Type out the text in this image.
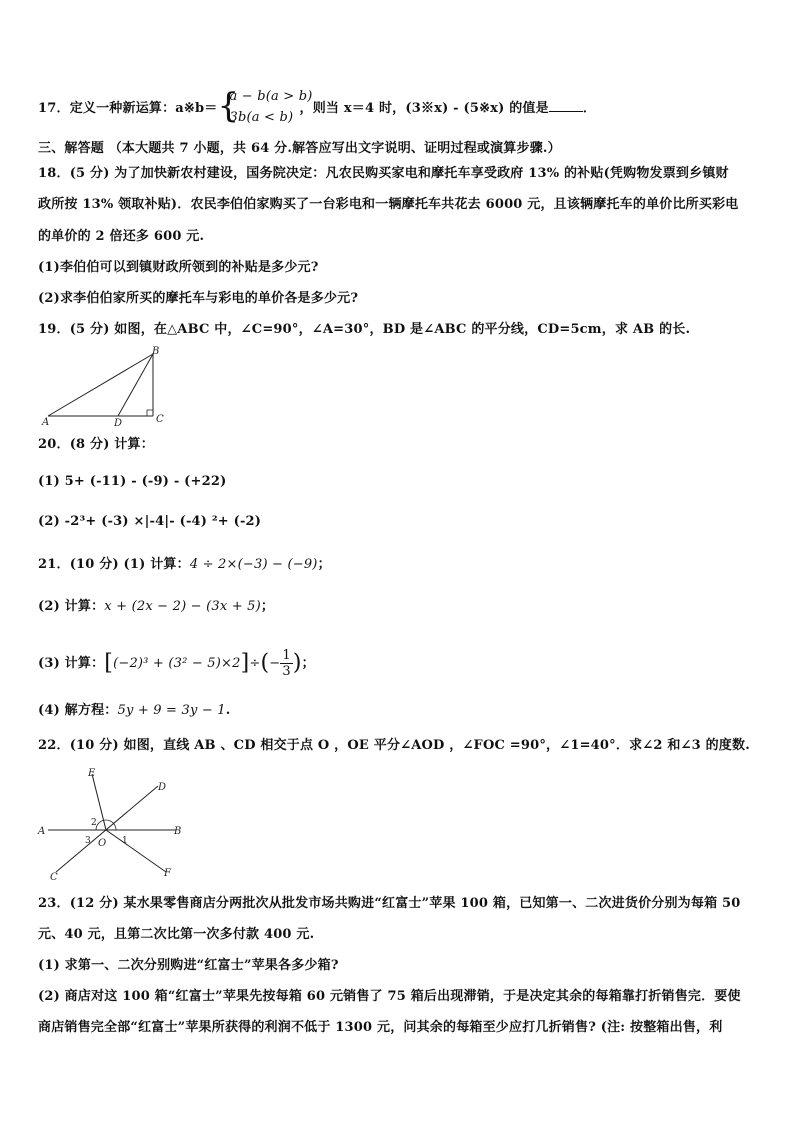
17．定义一种新运算：a※b＝ {
a − b(a > b)
3b(a < b)
，则当 x＝4 时，(3※x) - (5※x) 的值是	．
三、解答题 （本大题共 7 小题，共 64 分.解答应写出文字说明、证明过程或演算步骤.）
18．(5 分) 为了加快新农村建设，国务院决定：凡农民购买家电和摩托车享受政府 13% 的补贴(凭购物发票到乡镇财
政所按 13% 领取补贴)．农民李伯伯家购买了一台彩电和一辆摩托车共花去 6000 元，且该辆摩托车的单价比所买彩电
的单价的 2 倍还多 600 元.
(1)李伯伯可以到镇财政所领到的补贴是多少元?
(2)求李伯伯家所买的摩托车与彩电的单价各是多少元?
19．(5 分) 如图，在△ABC 中，∠C=90°，∠A=30°，BD 是∠ABC 的平分线，CD=5cm，求 AB 的长.
A
B
C
D
20．(8 分) 计算：
(1) 5+ (-11) - (-9) - (+22)
(2) -2³+ (-3) ×|-4|- (-4) ²+ (-2)
21．(10 分) (1) 计算：4 ÷ 2×(−3) − (−9)；
(2) 计算：x + (2x − 2) − (3x + 5)；
(3) 计算：$[(-2)^3 + (3^2 - 5)\times 2]\div(- \frac{1}{3}$ )；
(4) 解方程：5y + 9 = 3y − 1.
22．(10 分) 如图，直线 AB 、CD 相交于点 O ，OE 平分∠AOD ，∠FOC =90°，∠1=40°．求∠2 和∠3 的度数.
A	B
C
D
E
F
O 1
2
3
23．(12 分) 某水果零售商店分两批次从批发市场共购进“红富士”苹果 100 箱，已知第一、二次进货价分别为每箱 50
元、40 元，且第二次比第一次多付款 400 元.
(1) 求第一、二次分别购进“红富士”苹果各多少箱?
(2) 商店对这 100 箱“红富士”苹果先按每箱 60 元销售了 75 箱后出现滞销，于是决定其余的每箱靠打折销售完．要使
商店销售完全部“红富士”苹果所获得的利润不低于 1300 元，问其余的每箱至少应打几折销售? (注: 按整箱出售，利
